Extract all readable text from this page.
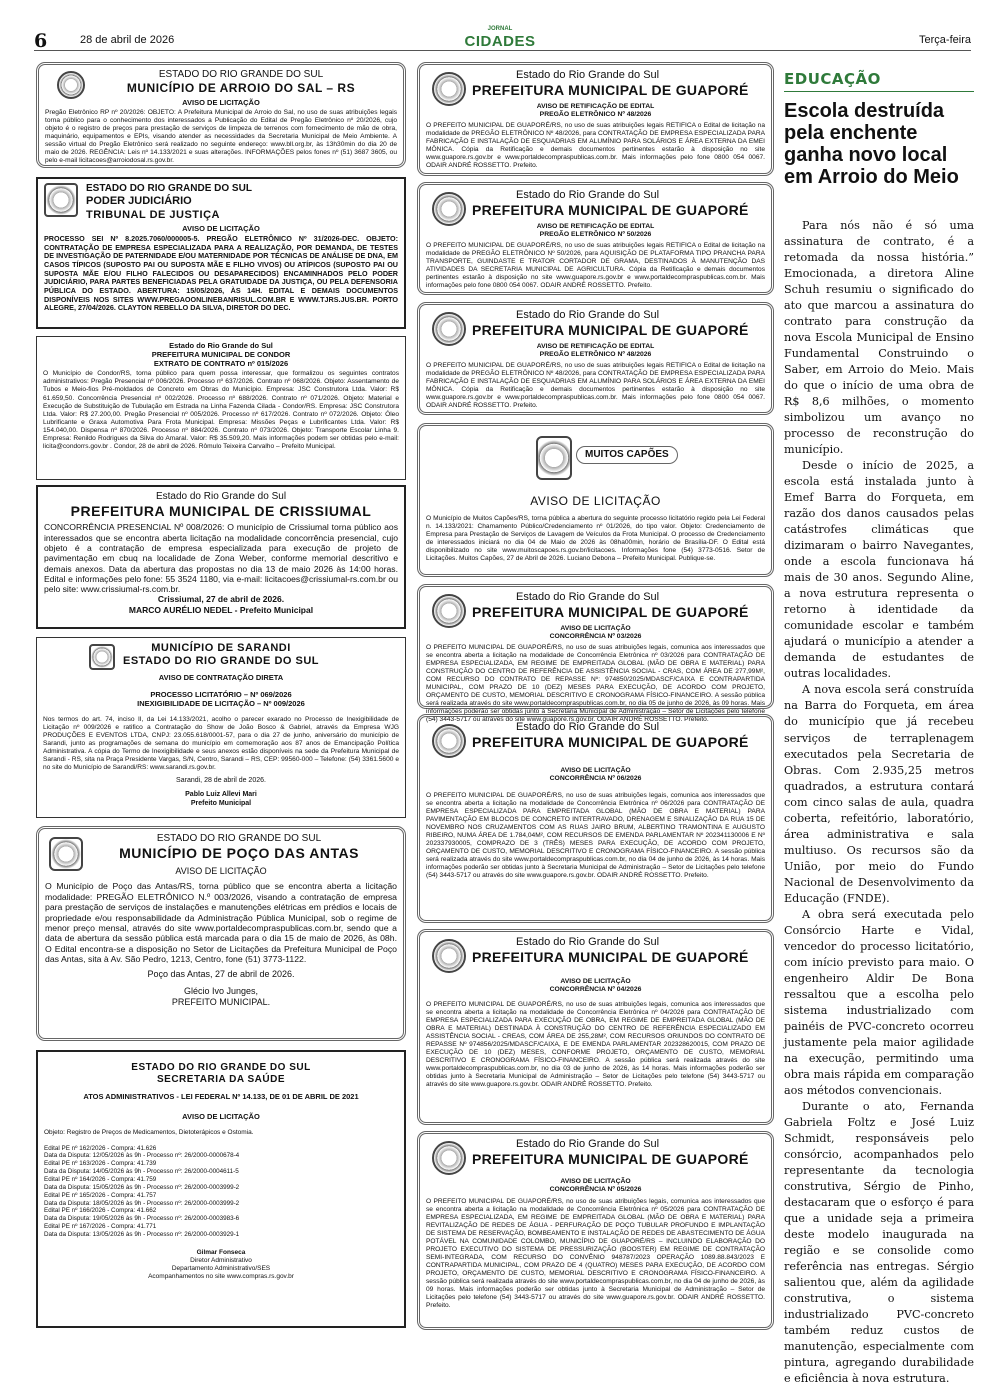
6	28 de abril de 2026
JORNAL
CIDADES	Terça-feira
ESTADO DO RIO GRANDE DO SUL
MUNICÍPIO DE ARROIO DO SAL – RS
AVISO DE LICITAÇÃO
Pregão Eletrônico RP nº 20/2026: OBJETO: A Prefeitura Municipal de Arroio do Sal, no uso de suas atribuições legais torna público para o conhecimento dos interessados a Publicação do Edital de Pregão Eletrônico nº 20/2026, cujo objeto é o registro de preços para prestação de serviços de limpeza de terrenos com fornecimento de mão de obra, maquinário, equipamentos e EPIs, visando atender as necessidades da Secretaria Municipal de Meio Ambiente. A sessão virtual do Pregão Eletrônico será realizado no seguinte endereço: www.bll.org.br, às 13h30min do dia 20 de maio de 2026. REGÊNCIA: Leis nº 14.133/2021 e suas alterações. INFORMAÇÕES pelos fones nº (51) 3687 3605, ou pelo e-mail licitacoes@arroiodosal.rs.gov.br.
ESTADO DO RIO GRANDE DO SUL
PODER JUDICIÁRIO
TRIBUNAL DE JUSTIÇA
AVISO DE LICITAÇÃO
PROCESSO SEI Nº 8.2025.7060/000005-5. PREGÃO ELETRÔNICO Nº 31/2026-DEC. OBJETO: CONTRATAÇÃO DE EMPRESA ESPECIALIZADA PARA A REALIZAÇÃO, POR DEMANDA, DE TESTES DE INVESTIGAÇÃO DE PATERNIDADE E/OU MATERNIDADE POR TÉCNICAS DE ANÁLISE DE DNA, EM CASOS TÍPICOS (SUPOSTO PAI OU SUPOSTA MÃE E FILHO VIVOS) OU ATÍPICOS (SUPOSTO PAI OU SUPOSTA MÃE E/OU FILHO FALECIDOS OU DESAPARECIDOS) ENCAMINHADOS PELO PODER JUDICIÁRIO, PARA PARTES BENEFICIADAS PELA GRATUIDADE DA JUSTIÇA, OU PELA DEFENSORIA PÚBLICA DO ESTADO. ABERTURA: 15/05/2026, ÀS 14H. EDITAL E DEMAIS DOCUMENTOS DISPONÍVEIS NOS SITES WWW.PREGAOONLINEBANRISUL.COM.BR E WWW.TJRS.JUS.BR. PORTO ALEGRE, 27/04/2026. CLAYTON REBELLO DA SILVA, DIRETOR DO DEC.
Estado do Rio Grande do Sul
PREFEITURA MUNICIPAL DE CONDOR
EXTRATO DE CONTRATO nº 015/2026
O Município de Condor/RS, torna público para quem possa interessar, que formalizou os seguintes contratos administrativos: Pregão Presencial nº 006/2026. Processo nº 637/2026. Contrato nº 068/2026. Objeto: Assentamento de Tubos e Meio-fios Pré-moldados de Concreto em Obras do Município. Empresa: JSC Construtora Ltda. Valor: R$ 61.659,50. Concorrência Presencial nº 002/2026. Processo nº 688/2026. Contrato nº 071/2026. Objeto: Material e Execução de Substituição de Tubulação em Estrada na Linha Fazenda Cilada - Condor/RS. Empresa: JSC Construtora Ltda. Valor: R$ 27.200,00. Pregão Presencial nº 005/2026. Processo nº 617/2026. Contrato nº 072/2026. Objeto: Óleo Lubrificante e Graxa Automotiva Para Frota Municipal. Empresa: Missões Peças e Lubrificantes Ltda. Valor: R$ 154.040,00. Dispensa nº 870/2026. Processo nº 884/2026. Contrato nº 073/2026. Objeto: Transporte Escolar Linha 9. Empresa: Renildo Rodrigues da Silva do Amaral. Valor: R$ 35.509,20. Mais informações podem ser obtidas pelo e-mail: licita@condorrs.gov.br . Condor, 28 de abril de 2026. Rômulo Teixeira Carvalho – Prefeito Municipal.
Estado do Rio Grande do Sul
PREFEITURA MUNICIPAL DE CRISSIUMAL
CONCORRÊNCIA PRESENCIAL Nº 008/2026: O município de Crissiumal torna público aos interessados que se encontra aberta licitação na modalidade concorrência presencial, cujo objeto é a contratação de empresa especializada para execução de projeto de pavimentação em cbuq na localidade de Zona Weber, conforme memorial descritivo e demais anexos. Data da abertura das propostas no dia 13 de maio 2026 às 14:00 horas. Edital e informações pelo fone: 55 3524 1180, via e-mail: licitacoes@crissiumal-rs.com.br ou pelo site: www.crissiumal-rs.com.br.
Crissiumal, 27 de abril de 2026.
MARCO AURÉLIO NEDEL - Prefeito Municipal
MUNICÍPIO DE SARANDI
ESTADO DO RIO GRANDE DO SUL
AVISO DE CONTRATAÇÃO DIRETA
PROCESSO LICITATÓRIO – Nº 069/2026
INEXIGIBILIDADE DE LICITAÇÃO – Nº 009/2026
Nos termos do art. 74, inciso II, da Lei 14.133/2021, acolho o parecer exarado no Processo de Inexigibilidade de Licitação nº 009/2026 e ratifico a Contratação do Show de João Bosco & Gabriel, através da Empresa WJG PRODUÇÕES E EVENTOS LTDA, CNPJ: 23.055.618/0001-57, para o dia 27 de junho, aniversário do município de Sarandi, junto as programações de semana do município em comemoração aos 87 anos de Emancipação Política Administrativa. A cópia do Termo de Inexigibilidade e seus anexos estão disponíveis na sede da Prefeitura Municipal de Sarandi - RS, sita na Praça Presidente Vargas, S/N, Centro, Sarandi – RS, CEP: 99560-000 – Telefone: (54) 3361.5600 e no site do Município de Sarandi/RS: www.sarandi.rs.gov.br.
Sarandi, 28 de abril de 2026.
Pablo Luiz Allevi Mari
Prefeito Municipal
ESTADO DO RIO GRANDE DO SUL
MUNICÍPIO DE POÇO DAS ANTAS
AVISO DE LICITAÇÃO
O Município de Poço das Antas/RS, torna público que se encontra aberta a licitação modalidade: PREGÃO ELETRÔNICO N.º 003/2026, visando a contratação de empresa para prestação de serviços de instalações e manutenções elétricas em prédios e locais de propriedade e/ou responsabilidade da Administração Pública Municipal, sob o regime de menor preço mensal, através do site www.portaldecompraspublicas.com.br, sendo que a data de abertura da sessão pública está marcada para o dia 15 de maio de 2026, às 08h. O Edital encontra-se a disposição no Setor de Licitações da Prefeitura Municipal de Poço das Antas, sita à Av. São Pedro, 1213, Centro, fone (51) 3773-1122.
Poço das Antas, 27 de abril de 2026.
Glécio Ivo Junges,
PREFEITO MUNICIPAL.
ESTADO DO RIO GRANDE DO SUL
SECRETARIA DA SAÚDE
ATOS ADMINISTRATIVOS - LEI FEDERAL Nº 14.133, DE 01 DE ABRIL DE 2021
AVISO DE LICITAÇÃO
Objeto: Registro de Preços de Medicamentos, Dietoterápicos e Ostomia.
Edital PE nº 162/2026 - Compra: 41.626
Data da Disputa: 12/05/2026 às 9h - Processo nº: 26/2000-0000678-4
Edital PE nº 163/2026 - Compra: 41.739
Data da Disputa: 14/05/2026 às 9h - Processo nº: 26/2000-0004611-5
Edital PE nº 164/2026 - Compra: 41.759
Data da Disputa: 15/05/2026 às 9h - Processo nº: 26/2000-0003999-2
Edital PE nº 165/2026 - Compra: 41.757
Data da Disputa: 18/05/2026 às 9h - Processo nº: 26/2000-0003999-2
Edital PE nº 166/2026 - Compra: 41.662
Data da Disputa: 19/05/2026 às 9h - Processo nº: 26/2000-0003983-6
Edital PE nº 167/2026 - Compra: 41.771
Data da Disputa: 13/05/2026 às 9h - Processo nº: 26/2000-0003929-1
Gilmar Fonseca
Diretor Administrativo
Departamento Administrativo/SES
Acompanhamentos no site www.compras.rs.gov.br
Estado do Rio Grande do Sul
PREFEITURA MUNICIPAL DE GUAPORÉ
AVISO DE RETIFICAÇÃO DE EDITAL
PREGÃO ELETRÔNICO Nº 48/2026
O PREFEITO MUNICIPAL DE GUAPORÉ/RS, no uso de suas atribuições legais RETIFICA o Edital de licitação na modalidade de PREGÃO ELETRÔNICO Nº 48/2026, para CONTRATAÇÃO DE EMPRESA ESPECIALIZADA PARA FABRICAÇÃO E INSTALAÇÃO DE ESQUADRIAS EM ALUMÍNIO PARA SOLÁRIOS E ÁREA EXTERNA DA EMEI MÔNICA. Cópia da Retificação e demais documentos pertinentes estarão à disposição no site www.guapore.rs.gov.br e www.portaldecompraspublicas.com.br. Mais informações pelo fone 0800 054 0067. ODAIR ANDRÉ ROSSETTO. Prefeito.
Estado do Rio Grande do Sul
PREFEITURA MUNICIPAL DE GUAPORÉ
AVISO DE RETIFICAÇÃO DE EDITAL
PREGÃO ELETRÔNICO Nº 50/2026
O PREFEITO MUNICIPAL DE GUAPORÉ/RS, no uso de suas atribuições legais RETIFICA o Edital de licitação na modalidade de PREGÃO ELETRÔNICO Nº 50/2026, para AQUISIÇÃO DE PLATAFORMA TIPO PRANCHA PARA TRANSPORTE, GUINDASTE E TRATOR CORTADOR DE GRAMA, DESTINADOS À MANUTENÇÃO DAS ATIVIDADES DA SECRETARIA MUNICIPAL DE AGRICULTURA. Cópia da Retificação e demais documentos pertinentes estarão à disposição no site www.guapore.rs.gov.br e www.portaldecompraspublicas.com.br. Mais informações pelo fone 0800 054 0067. ODAIR ANDRÉ ROSSETTO. Prefeito.
Estado do Rio Grande do Sul
PREFEITURA MUNICIPAL DE GUAPORÉ
AVISO DE RETIFICAÇÃO DE EDITAL
PREGÃO ELETRÔNICO Nº 48/2026
O PREFEITO MUNICIPAL DE GUAPORÉ/RS, no uso de suas atribuições legais RETIFICA o Edital de licitação na modalidade de PREGÃO ELETRÔNICO Nº 48/2026, para CONTRATAÇÃO DE EMPRESA ESPECIALIZADA PARA FABRICAÇÃO E INSTALAÇÃO DE ESQUADRIAS EM ALUMÍNIO PARA SOLÁRIOS E ÁREA EXTERNA DA EMEI MÔNICA. Cópia da Retificação e demais documentos pertinentes estarão à disposição no site www.guapore.rs.gov.br e www.portaldecompraspublicas.com.br. Mais informações pelo fone 0800 054 0067. ODAIR ANDRÉ ROSSETTO. Prefeito.
MUITOS CAPÕES
AVISO DE LICITAÇÃO
O Município de Muitos Capões/RS, torna pública a abertura do seguinte processo licitatório regido pela Lei Federal n. 14.133/2021: Chamamento Público/Credenciamento nº 01/2026, do tipo valor. Objeto: Credenciamento de Empresa para Prestação de Serviços de Lavagem de Veículos da Frota Municipal. O processo de Credenciamento de interessados iniciará no dia 04 de Maio de 2026 às 08ha00min, horário de Brasília-DF. O Edital está disponibilizado no site www.muitoscapoes.rs.gov.br/licitacoes. Informações fone (54) 3773-0516. Setor de Licitações. Muitos Capões, 27 de Abril de 2026. Luciano Debona – Prefeito Municipal. Publique-se.
Estado do Rio Grande do Sul
PREFEITURA MUNICIPAL DE GUAPORÉ
AVISO DE LICITAÇÃO
CONCORRÊNCIA Nº 03/2026
O PREFEITO MUNICIPAL DE GUAPORÉ/RS, no uso de suas atribuições legais, comunica aos interessados que se encontra aberta a licitação na modalidade de Concorrência Eletrônica nº 03/2026 para CONTRATAÇÃO DE EMPRESA ESPECIALIZADA, EM REGIME DE EMPREITADA GLOBAL (MÃO DE OBRA E MATERIAL) PARA CONSTRUÇÃO DO CENTRO DE REFERÊNCIA DE ASSISTÊNCIA SOCIAL - CRAS, COM ÁREA DE 277,99M², COM RECURSO DO CONTRATO DE REPASSE Nº: 974850/2025/MDASCF/CAIXA E CONTRAPARTIDA MUNICIPAL, COM PRAZO DE 10 (DEZ) MESES PARA EXECUÇÃO, DE ACORDO COM PROJETO, ORÇAMENTO DE CUSTO, MEMORIAL DESCRITIVO E CRONOGRAMA FÍSICO-FINANCEIRO. A sessão pública será realizada através do site www.portaldecompraspublicas.com.br, no dia 05 de junho de 2026, às 09 horas. Mais informações poderão ser obtidas junto à Secretaria Municipal de Administração – Setor de Licitações pelo telefone (54) 3443-5717 ou através do site www.guapore.rs.gov.br. ODAIR ANDRÉ ROSSETTO. Prefeito.
Estado do Rio Grande do Sul
PREFEITURA MUNICIPAL DE GUAPORÉ
AVISO DE LICITAÇÃO
CONCORRÊNCIA Nº 06/2026
O PREFEITO MUNICIPAL DE GUAPORÉ/RS, no uso de suas atribuições legais, comunica aos interessados que se encontra aberta a licitação na modalidade de Concorrência Eletrônica nº 06/2026 para CONTRATAÇÃO DE EMPRESA ESPECIALIZADA PARA EMPREITADA GLOBAL (MÃO DE OBRA E MATERIAL) PARA PAVIMENTAÇÃO EM BLOCOS DE CONCRETO INTERTRAVADO, DRENAGEM E SINALIZAÇÃO DA RUA 15 DE NOVEMBRO NOS CRUZAMENTOS COM AS RUAS JAIRO BRUM, ALBERTINO TRAMONTINA E AUGUSTO RIBEIRO, NUMA ÁREA DE 1.784,04M², COM RECURSOS DE EMENDA PARLAMENTAR Nº 202341130006 E Nº 202337930005, COMPRAZO DE 3 (TRÊS) MESES PARA EXECUÇÃO, DE ACORDO COM PROJETO, ORÇAMENTO DE CUSTO, MEMORIAL DESCRITIVO E CRONOGRAMA FÍSICO-FINANCEIRO. A sessão pública será realizada através do site www.portaldecompraspublicas.com.br, no dia 04 de junho de 2026, às 14 horas. Mais informações poderão ser obtidas junto à Secretaria Municipal de Administração – Setor de Licitações pelo telefone (54) 3443-5717 ou através do site www.guapore.rs.gov.br. ODAIR ANDRÉ ROSSETTO. Prefeito.
Estado do Rio Grande do Sul
PREFEITURA MUNICIPAL DE GUAPORÉ
AVISO DE LICITAÇÃO
CONCORRÊNCIA Nº 04/2026
O PREFEITO MUNICIPAL DE GUAPORÉ/RS, no uso de suas atribuições legais, comunica aos interessados que se encontra aberta a licitação na modalidade de Concorrência Eletrônica nº 04/2026 para CONTRATAÇÃO DE EMPRESA ESPECIALIZADA PARA EXECUÇÃO DE OBRA, EM REGIME DE EMPREITADA GLOBAL (MÃO DE OBRA E MATERIAL) DESTINADA À CONSTRUÇÃO DO CENTRO DE REFERÊNCIA ESPECIALIZADO EM ASSISTÊNCIA SOCIAL - CREAS, COM ÁREA DE 255,28M², COM RECURSOS ORIUNDOS DO CONTRATO DE REPASSE Nº 974856/2025/MDASCF/CAIXA, E DE EMENDA PARLAMENTAR 202328620015, COM PRAZO DE EXECUÇÃO DE 10 (DEZ) MESES, CONFORME PROJETO, ORÇAMENTO DE CUSTO, MEMORIAL DESCRITIVO E CRONOGRAMA FÍSICO-FINANCEIRO. A sessão pública será realizada através do site www.portaldecompraspublicas.com.br, no dia 03 de junho de 2026, às 14 horas. Mais informações poderão ser obtidas junto à Secretaria Municipal de Administração – Setor de Licitações pelo telefone (54) 3443-5717 ou através do site www.guapore.rs.gov.br. ODAIR ANDRÉ ROSSETTO. Prefeito.
Estado do Rio Grande do Sul
PREFEITURA MUNICIPAL DE GUAPORÉ
AVISO DE LICITAÇÃO
CONCORRÊNCIA Nº 05/2026
O PREFEITO MUNICIPAL DE GUAPORÉ/RS, no uso de suas atribuições legais, comunica aos interessados que se encontra aberta a licitação na modalidade de Concorrência Eletrônica nº 05/2026 para CONTRATAÇÃO DE EMPRESA ESPECIALIZADA, EM REGIME DE EMPREITADA GLOBAL (MÃO DE OBRA E MATERIAL) PARA REVITALIZAÇÃO DE REDES DE ÁGUA - PERFURAÇÃO DE POÇO TUBULAR PROFUNDO E IMPLANTAÇÃO DE SISTEMA DE RESERVAÇÃO, BOMBEAMENTO E INSTALAÇÃO DE REDES DE ABASTECIMENTO DE ÁGUA POTÁVEL NA COMUNIDADE COLOMBO, MUNICÍPIO DE GUAPORÉ/RS – INCLUINDO ELABORAÇÃO DO PROJETO EXECUTIVO DO SISTEMA DE PRESSURIZAÇÃO (BOOSTER) EM REGIME DE CONTRATAÇÃO SEMI-INTEGRADA, COM RECURSO DO CONVÊNIO 948787/2023 OPERAÇÃO 1089.88.843/2023 E CONTRAPARTIDA MUNICIPAL, COM PRAZO DE 4 (QUATRO) MESES PARA EXECUÇÃO, DE ACORDO COM PROJETO, ORÇAMENTO DE CUSTO, MEMORIAL DESCRITIVO E CRONOGRAMA FÍSICO-FINANCEIRO. A sessão pública será realizada através do site www.portaldecompraspublicas.com.br, no dia 04 de junho de 2026, às 09 horas. Mais informações poderão ser obtidas junto à Secretaria Municipal de Administração – Setor de Licitações pelo telefone (54) 3443-5717 ou através do site www.guapore.rs.gov.br. ODAIR ANDRÉ ROSSETTO. Prefeito.
EDUCAÇÃO
Escola destruída pela enchente ganha novo local em Arroio do Meio

Para nós não é só uma assinatura de contrato, é a retomada da nossa história.” Emocionada, a diretora Aline Schuh resumiu o significado do ato que marcou a assinatura do contrato para construção da nova Escola Municipal de Ensino Fundamental Construindo o Saber, em Arroio do Meio. Mais do que o início de uma obra de R$ 8,6 milhões, o momento simbolizou um avanço no processo de reconstrução do município.

Desde o início de 2025, a escola está instalada junto à Emef Barra do Forqueta, em razão dos danos causados pelas catástrofes climáticas que dizimaram o bairro Navegantes, onde a escola funcionava há mais de 30 anos. Segundo Aline, a nova estrutura representa o retorno à identidade da comunidade escolar e também ajudará o município a atender a demanda de estudantes de outras localidades.

A nova escola será construída na Barra do Forqueta, em área do município que já recebeu serviços de terraplenagem executados pela Secretaria de Obras. Com 2.935,25 metros quadrados, a estrutura contará com cinco salas de aula, quadra coberta, refeitório, laboratório, área administrativa e sala multiuso. Os recursos são da União, por meio do Fundo Nacional de Desenvolvimento da Educação (FNDE).

A obra será executada pelo Consórcio Harte e Vidal, vencedor do processo licitatório, com início previsto para maio. O engenheiro Aldir De Bona ressaltou que a escolha pelo sistema industrializado com painéis de PVC-concreto ocorreu justamente pela maior agilidade na execução, permitindo uma obra mais rápida em comparação aos métodos convencionais.

Durante o ato, Fernanda Gabriela Foltz e José Luiz Schmidt, responsáveis pelo consórcio, acompanhados pelo representante da tecnologia construtiva, Sérgio de Pinho, destacaram que o esforço é para que a unidade seja a primeira deste modelo inaugurada na região e se consolide como referência nas entregas. Sérgio salientou que, além da agilidade construtiva, o sistema industrializado PVC-concreto também reduz custos de manutenção, especialmente com pintura, agregando durabilidade e eficiência à nova estrutura.
